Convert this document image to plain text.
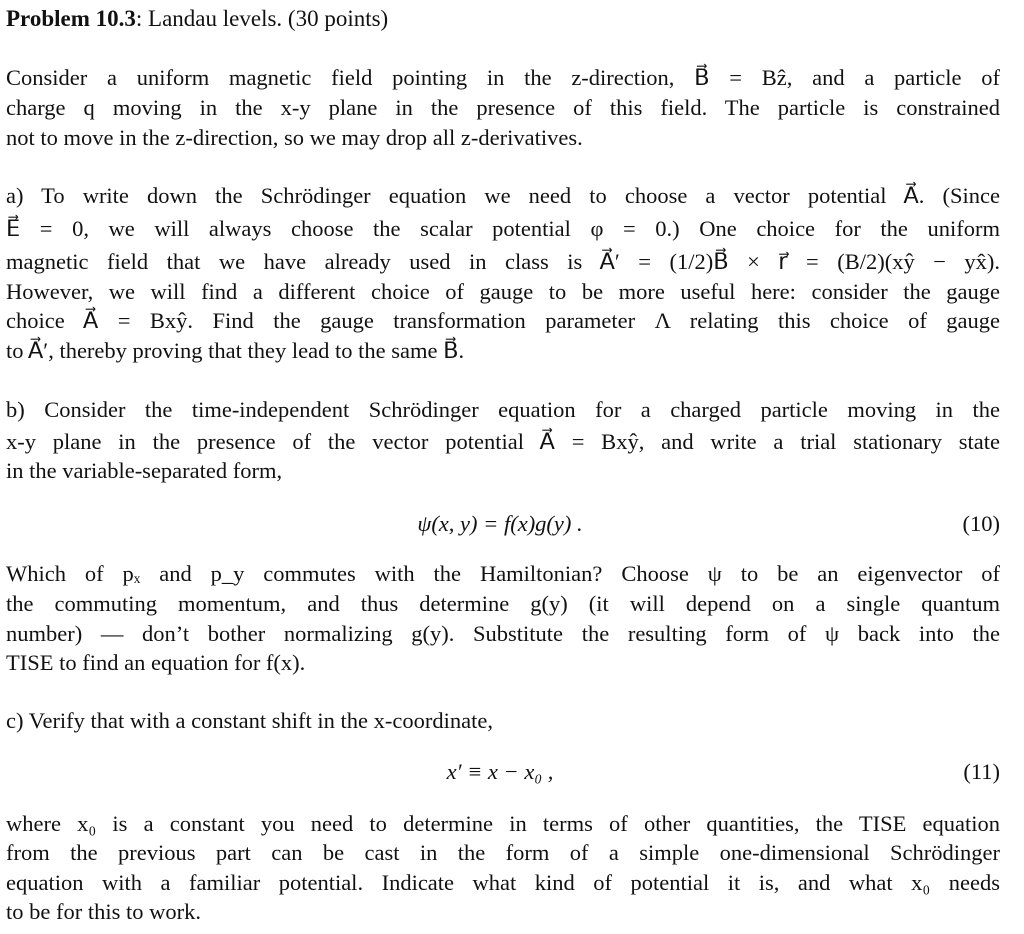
Problem 10.3: Landau levels. (30 points)
Consider a uniform magnetic field pointing in the z-direction, B⃗ = Bẑ, and a particle of
charge q moving in the x-y plane in the presence of this field. The particle is constrained
not to move in the z-direction, so we may drop all z-derivatives.
a) To write down the Schrödinger equation we need to choose a vector potential A⃗. (Since
E⃗ = 0, we will always choose the scalar potential φ = 0.) One choice for the uniform
magnetic field that we have already used in class is A⃗′ = (1/2)B⃗ × r⃗ = (B/2)(xŷ − yx̂).
However, we will find a different choice of gauge to be more useful here: consider the gauge
choice A⃗ = Bxŷ. Find the gauge transformation parameter Λ relating this choice of gauge
to A⃗′, thereby proving that they lead to the same B⃗.
b) Consider the time-independent Schrödinger equation for a charged particle moving in the
x-y plane in the presence of the vector potential A⃗ = Bxŷ, and write a trial stationary state
in the variable-separated form,
ψ(x, y) = f(x)g(y) .	(10)
Which of pₓ and p_y commutes with the Hamiltonian? Choose ψ to be an eigenvector of
the commuting momentum, and thus determine g(y) (it will depend on a single quantum
number) — don’t bother normalizing g(y). Substitute the resulting form of ψ back into the
TISE to find an equation for f(x).
c) Verify that with a constant shift in the x-coordinate,
x′ ≡ x − x₀ ,	(11)
where x₀ is a constant you need to determine in terms of other quantities, the TISE equation
from the previous part can be cast in the form of a simple one-dimensional Schrödinger
equation with a familiar potential. Indicate what kind of potential it is, and what x₀ needs
to be for this to work.
